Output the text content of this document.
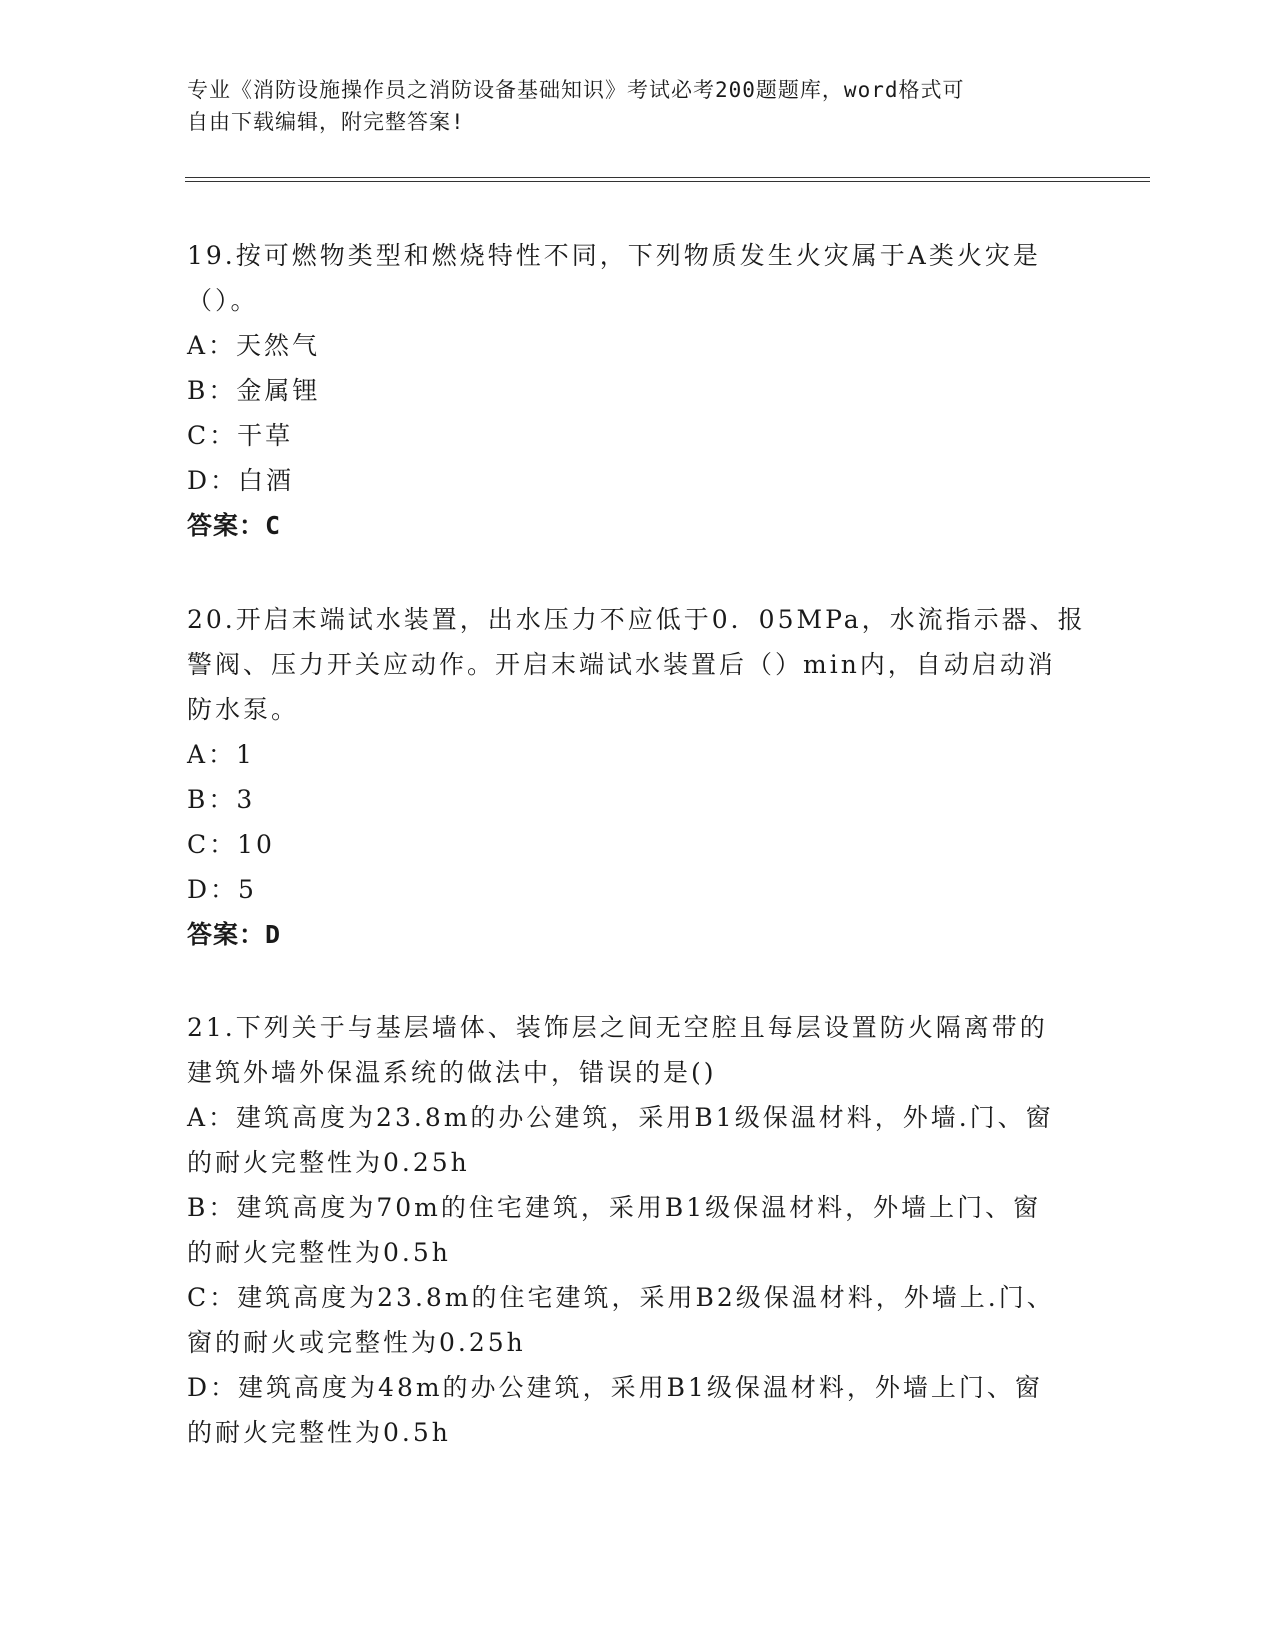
专业《消防设施操作员之消防设备基础知识》考试必考200题题库，word格式可
自由下载编辑，附完整答案!

19.按可燃物类型和燃烧特性不同，下列物质发生火灾属于A类火灾是

（）。

A：天然气

B：金属锂

C：干草

D：白酒

答案：C

20.开启末端试水装置，出水压力不应低于0．05MPa，水流指示器、报

警阀、压力开关应动作。开启末端试水装置后（）min内，自动启动消

防水泵。

A：1

B：3

C：10

D：5

答案：D

21.下列关于与基层墙体、装饰层之间无空腔且每层设置防火隔离带的

建筑外墙外保温系统的做法中，错误的是()

A：建筑高度为23.8m的办公建筑，采用B1级保温材料，外墙.门、窗

的耐火完整性为0.25h

B：建筑高度为70m的住宅建筑，采用B1级保温材料，外墙上门、窗

的耐火完整性为0.5h

C：建筑高度为23.8m的住宅建筑，采用B2级保温材料，外墙上.门、

窗的耐火或完整性为0.25h

D：建筑高度为48m的办公建筑，采用B1级保温材料，外墙上门、窗

的耐火完整性为0.5h
